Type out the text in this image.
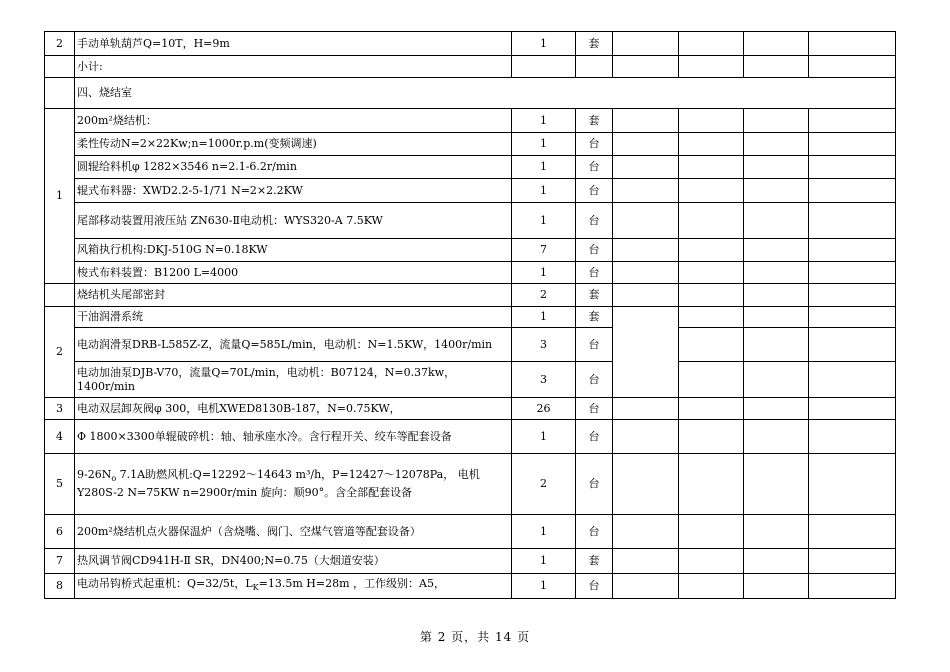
2	手动单轨葫芦Q=10T，H=9m	1	套				
	小计:						
	四、烧结室						
1	200m²烧结机：	1	套				
	柔性传动N=2×22Kw;n=1000r.p.m(变频调速)	1	台				
	圆辊给料机φ 1282×3546 n=2.1-6.2r/min	1	台				
	辊式布料器：XWD2.2-5-1/71 N=2×2.2KW	1	台				
	尾部移动装置用液压站 ZN630-Ⅱ电动机：WYS320-A 7.5KW	1	台				
	风箱执行机构:DKJ-510G N=0.18KW	7	台				
	梭式布料装置：B1200 L=4000	1	台				
	烧结机头尾部密封	2	套				
2	干油润滑系统	1	套				
	电动润滑泵DRB-L585Z-Z，流量Q=585L/min，电动机：N=1.5KW，1400r/min	3	台				
	电动加油泵DJB-V70，流量Q=70L/min，电动机：B07124，N=0.37kw，1400r/min	3	台				
3	电动双层卸灰阀φ 300，电机XWED8130B-187，N=0.75KW，	26	台				
4	Φ 1800×3300单辊破碎机：轴、轴承座水冷。含行程开关、绞车等配套设备	1	台				
5	$9-26N_o$ 7.1A助燃风机:Q=12292～14643 m³/h，P=12427～12078Pa， 电机Y280S-2 N=75KW n=2900r/min 旋向：顺90°。含全部配套设备	2	台				
6	200m²烧结机点火器保温炉（含烧嘴、阀门、空煤气管道等配套设备）	1	台				
7	热风调节阀CD941H-Ⅱ SR，DN400;N=0.75（大烟道安装）	1	套				
8	电动吊钩桥式起重机：Q=32/5t，$L_K=13.5m$ H=28m ，工作级别：A5，	1	台				
第 2 页，共 14 页
